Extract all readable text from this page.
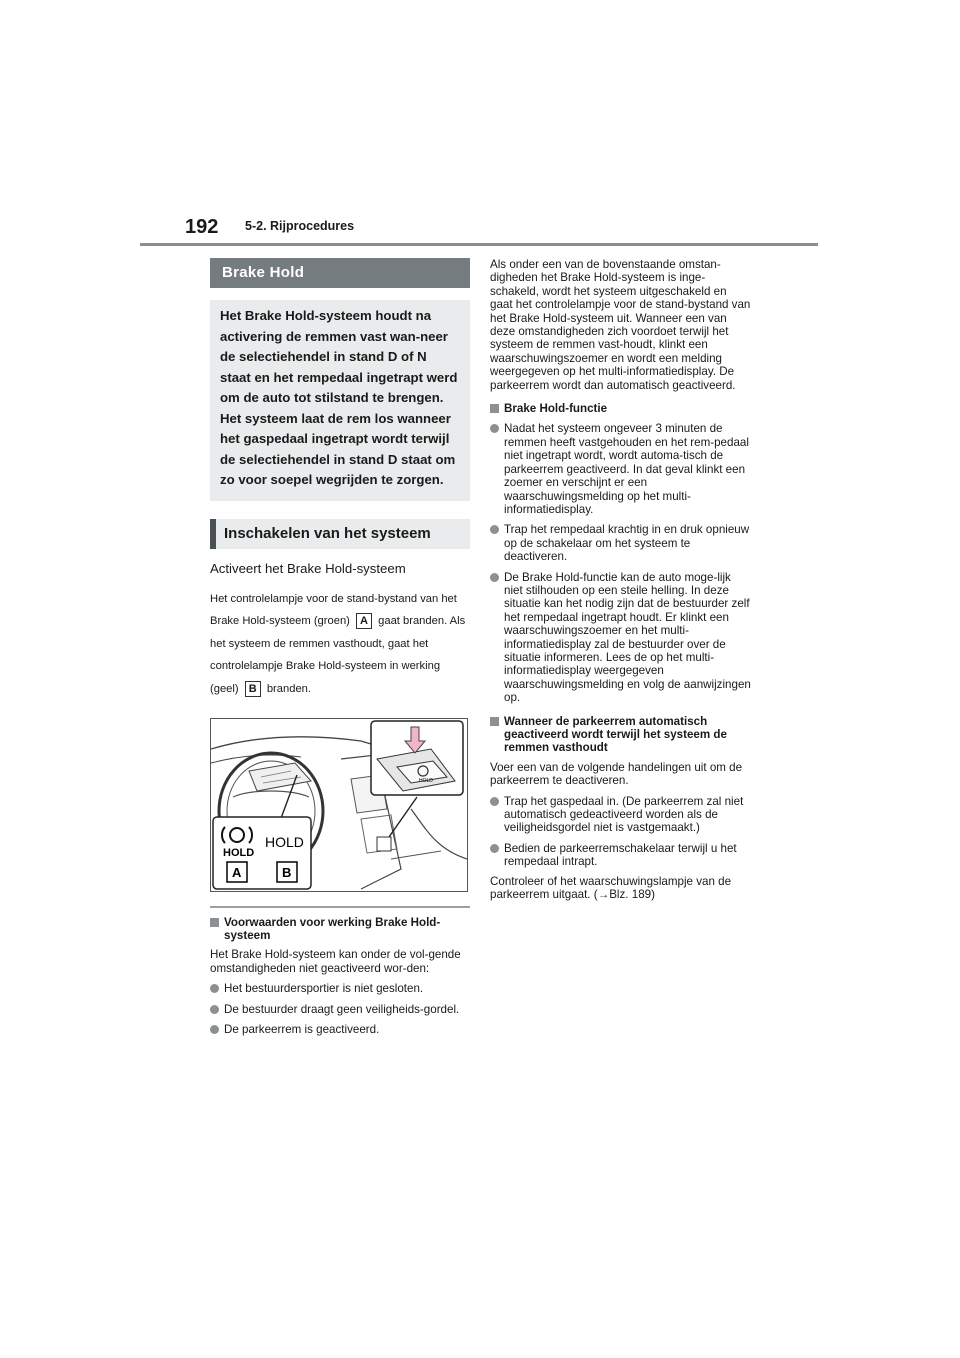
192 5-2. Rijprocedures
Brake Hold
Het Brake Hold-systeem houdt na activering de remmen vast wan-neer de selectiehendel in stand D of N staat en het rempedaal ingetrapt werd om de auto tot stilstand te brengen. Het systeem laat de rem los wanneer het gaspedaal ingetrapt wordt terwijl de selectiehendel in stand D staat om zo voor soepel wegrijden te zorgen.
Inschakelen van het systeem
Activeert het Brake Hold-systeem
Het controlelampje voor de stand-bystand van het Brake Hold-systeem (groen) A gaat branden. Als het systeem de remmen vasthoudt, gaat het controlelampje Brake Hold-systeem in werking (geel) B branden.
HOLD
HOLD
HOLD
A	B
Voorwaarden voor werking Brake Hold-systeem
Het Brake Hold-systeem kan onder de vol-gende omstandigheden niet geactiveerd wor-den:
Het bestuurdersportier is niet gesloten.
De bestuurder draagt geen veiligheids-gordel.
De parkeerrem is geactiveerd.
Als onder een van de bovenstaande omstan-digheden het Brake Hold-systeem is inge-schakeld, wordt het systeem uitgeschakeld en gaat het controlelampje voor de stand-bystand van het Brake Hold-systeem uit. Wanneer een van deze omstandigheden zich voordoet terwijl het systeem de remmen vast-houdt, klinkt een waarschuwingszoemer en wordt een melding weergegeven op het multi-informatiedisplay. De parkeerrem wordt dan automatisch geactiveerd.
Brake Hold-functie
Nadat het systeem ongeveer 3 minuten de remmen heeft vastgehouden en het rem-pedaal niet ingetrapt wordt, wordt automa-tisch de parkeerrem geactiveerd. In dat geval klinkt een zoemer en verschijnt er een waarschuwingsmelding op het multi-informatiedisplay.
Trap het rempedaal krachtig in en druk opnieuw op de schakelaar om het systeem te deactiveren.
De Brake Hold-functie kan de auto moge-lijk niet stilhouden op een steile helling. In deze situatie kan het nodig zijn dat de bestuurder zelf het rempedaal ingetrapt houdt. Er klinkt een waarschuwingszoemer en het multi-informatiedisplay zal de bestuurder over de situatie informeren. Lees de op het multi-informatiedisplay weergegeven waarschuwingsmelding en volg de aanwijzingen op.
Wanneer de parkeerrem automatisch geactiveerd wordt terwijl het systeem de remmen vasthoudt
Voer een van de volgende handelingen uit om de parkeerrem te deactiveren.
Trap het gaspedaal in. (De parkeerrem zal niet automatisch gedeactiveerd worden als de veiligheidsgordel niet is vastgemaakt.)
Bedien de parkeerremschakelaar terwijl u het rempedaal intrapt.
Controleer of het waarschuwingslampje van de parkeerrem uitgaat. (→Blz. 189)
